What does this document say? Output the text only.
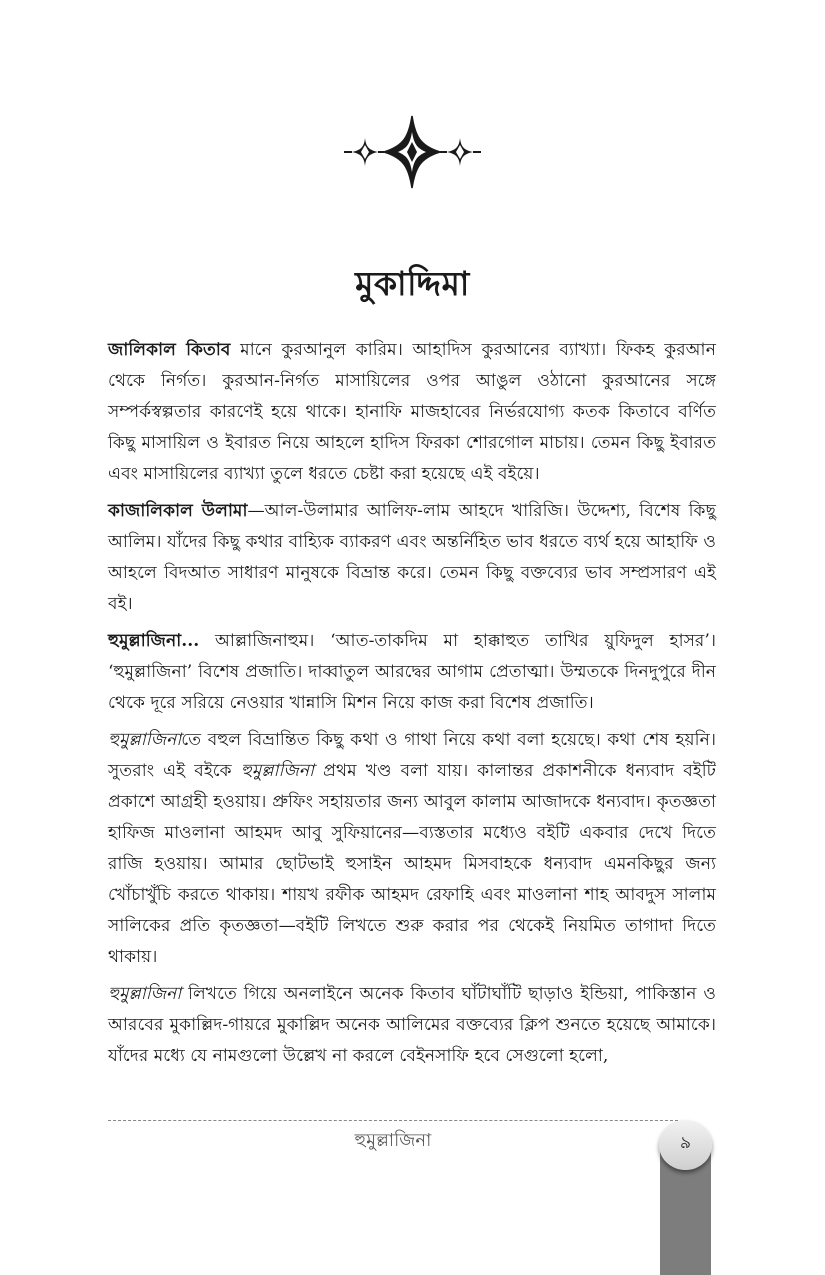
মুকাদ্দিমা

জালিকাল কিতাব মানে কুরআনুল কারিম। আহাদিস কুরআনের ব্যাখ্যা। ফিকহ কুরআন থেকে নির্গত। কুরআন-নির্গত মাসায়িলের ওপর আঙুল ওঠানো কুরআনের সঙ্গে সম্পর্কস্বল্পতার কারণেই হয়ে থাকে। হানাফি মাজহাবের নির্ভরযোগ্য কতক কিতাবে বর্ণিত কিছু মাসায়িল ও ইবারত নিয়ে আহলে হাদিস ফিরকা শোরগোল মাচায়। তেমন কিছু ইবারত এবং মাসায়িলের ব্যাখ্যা তুলে ধরতে চেষ্টা করা হয়েছে এই বইয়ে।

কাজালিকাল উলামা—আল-উলামার আলিফ-লাম আহদে খারিজি। উদ্দেশ্য, বিশেষ কিছু আলিম। যাঁদের কিছু কথার বাহ্যিক ব্যাকরণ এবং অন্তর্নিহিত ভাব ধরতে ব্যর্থ হয়ে আহাফি ও আহলে বিদআত সাধারণ মানুষকে বিভ্রান্ত করে। তেমন কিছু বক্তব্যের ভাব সম্প্রসারণ এই বই।

হুমুল্লাজিনা... আল্লাজিনাহুম। ‘আত-তাকদিম মা হাক্কাহুত তাখির য়ুফিদুল হাসর’। ‘হুমুল্লাজিনা’ বিশেষ প্রজাতি। দাব্বাতুল আরদ্বের আগাম প্রেতাত্মা। উম্মতকে দিনদুপুরে দীন থেকে দূরে সরিয়ে নেওয়ার খান্নাসি মিশন নিয়ে কাজ করা বিশেষ প্রজাতি।

হুমুল্লাজিনাতে বহুল বিভ্রান্তিত কিছু কথা ও গাথা নিয়ে কথা বলা হয়েছে। কথা শেষ হয়নি। সুতরাং এই বইকে হুমুল্লাজিনা প্রথম খণ্ড বলা যায়। কালান্তর প্রকাশনীকে ধন্যবাদ বইটি প্রকাশে আগ্রহী হওয়ায়। প্রুফিং সহায়তার জন্য আবুল কালাম আজাদকে ধন্যবাদ। কৃতজ্ঞতা হাফিজ মাওলানা আহমদ আবু সুফিয়ানের—ব্যস্ততার মধ্যেও বইটি একবার দেখে দিতে রাজি হওয়ায়। আমার ছোটভাই হুসাইন আহমদ মিসবাহকে ধন্যবাদ এমনকিছুর জন্য খোঁচাখুঁচি করতে থাকায়। শায়খ রফীক আহমদ রেফাহি এবং মাওলানা শাহ আবদুস সালাম সালিকের প্রতি কৃতজ্ঞতা—বইটি লিখতে শুরু করার পর থেকেই নিয়মিত তাগাদা দিতে থাকায়।

হুমুল্লাজিনা লিখতে গিয়ে অনলাইনে অনেক কিতাব ঘাঁটাঘাঁটি ছাড়াও ইন্ডিয়া, পাকিস্তান ও আরবের মুকাল্লিদ-গায়রে মুকাল্লিদ অনেক আলিমের বক্তব্যের ক্লিপ শুনতে হয়েছে আমাকে। যাঁদের মধ্যে যে নামগুলো উল্লেখ না করলে বেইনসাফি হবে সেগুলো হলো,

হুমুল্লাজিনা	৯
